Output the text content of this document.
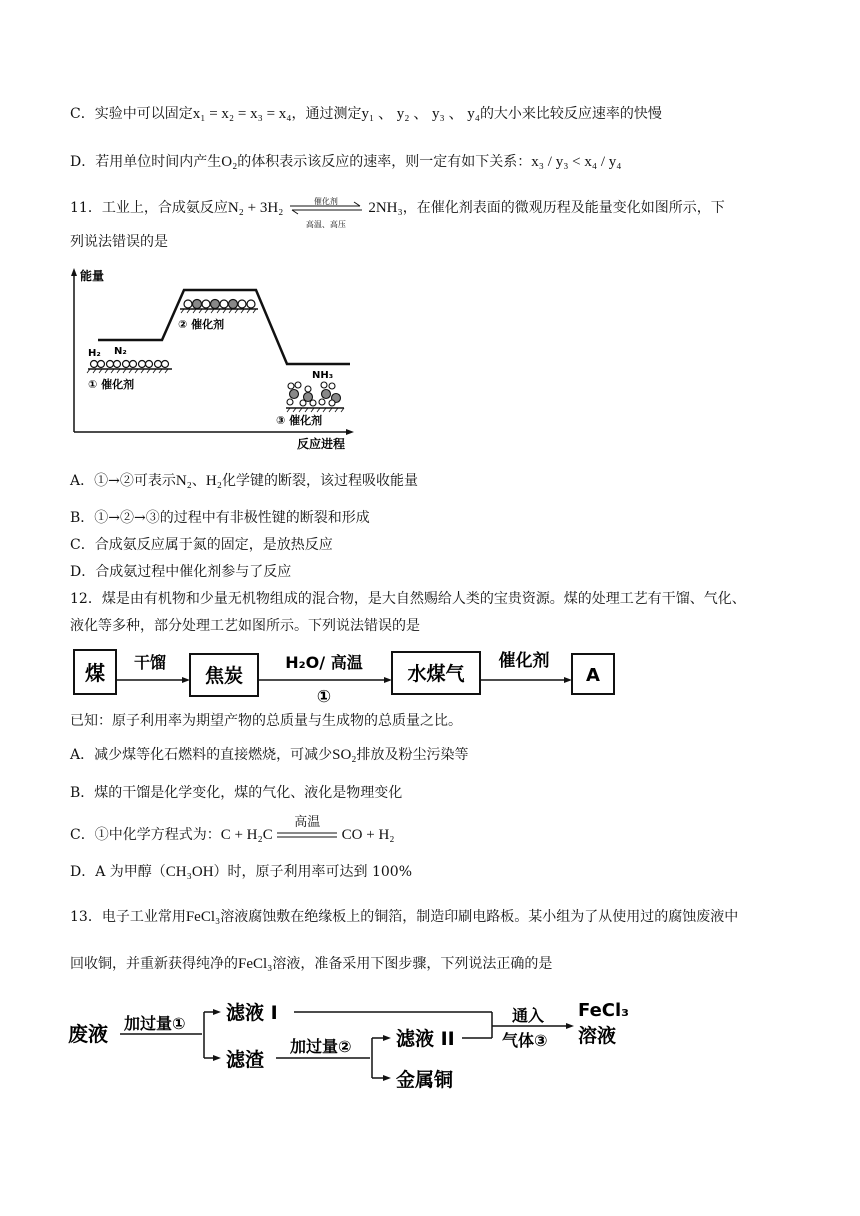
C．实验中可以固定x₁ = x₂ = x₃ = x₄，通过测定y₁ 、 y₂ 、 y₃ 、 y₄的大小来比较反应速率的快慢
D．若用单位时间内产生O₂的体积表示该反应的速率，则一定有如下关系：x₃ / y₃ < x₄ / y₄
11．工业上，合成氨反应N₂ + 3H₂	催化剂
高温、高压
2NH₃，在催化剂表面的微观历程及能量变化如图所示，下
列说法错误的是
能量
反应进程
H₂ N₂
① 催化剂
② 催化剂
NH₃
③ 催化剂
A．①→②可表示N₂、H₂化学键的断裂，该过程吸收能量
B．①→②→③的过程中有非极性键的断裂和形成
C．合成氨反应属于氮的固定，是放热反应
D．合成氨过程中催化剂参与了反应
12．煤是由有机物和少量无机物组成的混合物，是大自然赐给人类的宝贵资源。煤的处理工艺有干馏、气化、
液化等多种，部分处理工艺如图所示。下列说法错误的是
煤 干馏
焦炭
H₂O/ 高温
①
水煤气
催化剂
A
已知：原子利用率为期望产物的总质量与生成物的总质量之比。
A．减少煤等化石燃料的直接燃烧，可减少SO₂排放及粉尘污染等
B．煤的干馏是化学变化，煤的气化、液化是物理变化
C．①中化学方程式为：C + H₂C
高温
CO + H₂
D．A 为甲醇（CH₃OH）时，原子利用率可达到 100%
13．电子工业常用FeCl₃溶液腐蚀敷在绝缘板上的铜箔，制造印刷电路板。某小组为了从使用过的腐蚀废液中
回收铜，并重新获得纯净的FeCl₃溶液，准备采用下图步骤，下列说法正确的是
废液 加过量① 滤液 I
滤渣
加过量② 滤液 II
金属铜
通入
气体③
FeCl₃
溶液
